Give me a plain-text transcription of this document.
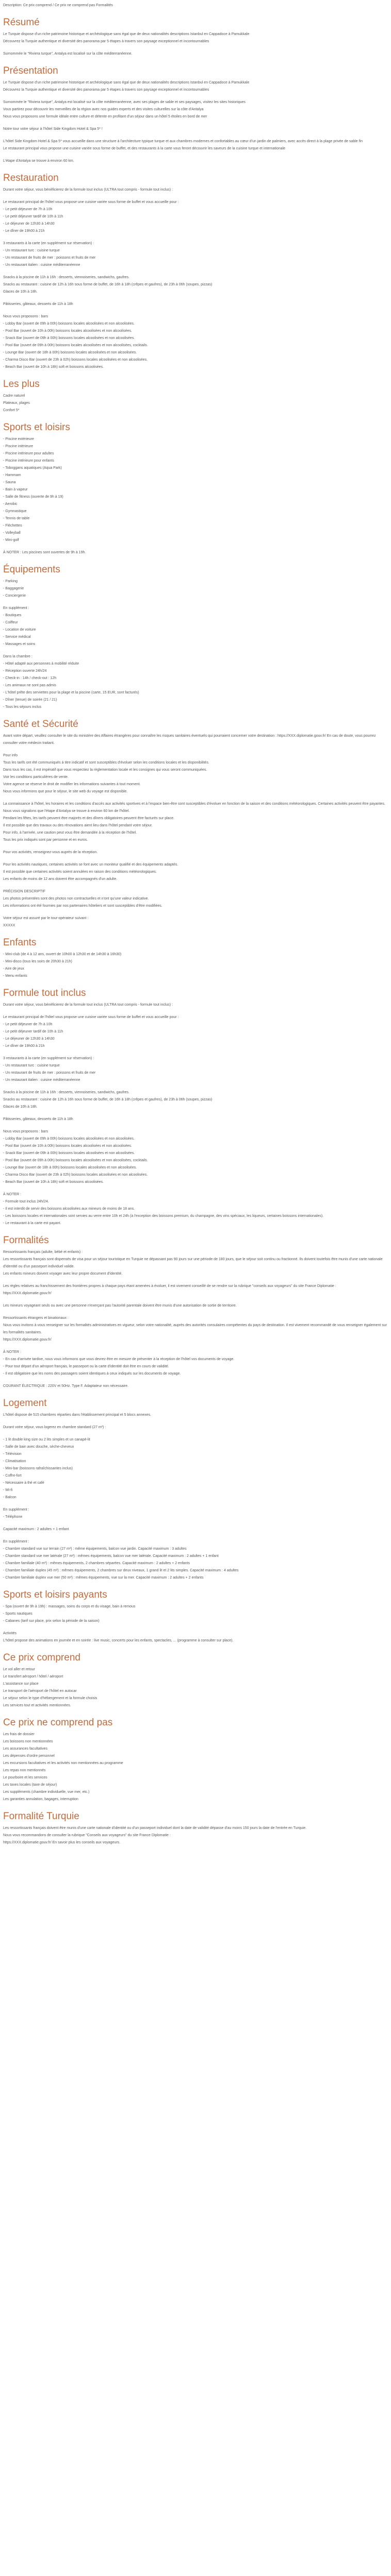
Description: Ce prix comprend / Ce prix ne comprend pas Formalités

Résumé

Le Turquie dispose d'un riche patrimoine historique et archéologique sans égal que de deux nationalités descriptions Istanbul en Cappadoce à Pamukkale

Découvrez la Turquie authentique et diversité des panorama par 5 étapes à travers son paysage exceptionnel et incontournables

Surnommée le "Riviera turque", Antalya est localisé sur la côte méditerranéenne.

Présentation

Le Turquie dispose d'un riche patrimoine historique et archéologique sans égal que de deux nationalités descriptions Istanbul en Cappadoce à Pamukkale

Découvrez la Turquie authentique et diversité des panorama par 5 étapes à travers son paysage exceptionnel et incontournables

Surnommée le "Riviera turque", Antalya est localisé sur la côte méditerranéenne, avec ses plages de sable et ses paysages, visitez les sites historiques

Vous partirez pour découvrir les merveilles de la région avec nos guides experts et des visites culturelles sur la côte d'Antalya

Nous vous proposons une formule idéale entre culture et détente en profitant d'un séjour dans un hôtel 5 étoiles en bord de mer

Notre tour votre séjour à l'hôtel Side Kingdom Hotel & Spa 5* !

L'hôtel Side Kingdom Hotel & Spa 5* vous accueille dans une structure à l'architecture typique turque et aux chambres modernes et confortables au cœur d'un jardin de palmiers, avec accès direct à la plage privée de sable fin

Le restaurant principal vous propose une cuisine variée sous forme de buffet, et des restaurants à la carte vous feront découvrir les saveurs de la cuisine turque et internationale

L'étape d'Antalya se trouve à environ 60 km.

Restauration

Durant votre séjour, vous bénéficierez de la formule tout inclus (ULTRA tout compris - formule tout inclus) :

Le restaurant principal de l'hôtel vous propose une cuisine variée sous forme de buffet et vous accueille pour :

- Le petit déjeuner de 7h à 10h

- Le petit déjeuner tardif de 10h à 11h

- Le déjeuner de 12h30 à 14h30

- Le dîner de 19h00 à 21h

3 restaurants à la carte (en supplément sur réservation) :

- Un restaurant turc : cuisine turque

- Un restaurant de fruits de mer : poissons et fruits de mer

- Un restaurant italien : cuisine méditerranéenne

Snacks à la piscine de 11h à 16h : desserts, viennoiseries, sandwichs, gaufres.

Snacks au restaurant : cuisine de 12h à 16h sous forme de buffet, de 16h à 18h (crêpes et gaufres), de 23h à 06h (soupes, pizzas)

Glaces de 10h à 18h.

Pâtisseries, gâteaux, desserts de 11h à 18h

Nous vous proposons : bars

- Lobby Bar (ouvert de 09h à 00h) boissons locales alcoolisées et non alcoolisées.

- Pool Bar (ouvert de 10h à 00h) boissons locales alcoolisées et non alcoolisées.

- Snack Bar (ouvert de 09h à 00h) boissons locales alcoolisées et non alcoolisées.

- Pool Bar (ouvert de 09h à 00h) boissons locales alcoolisées et non alcoolisées, cocktails.

- Lounge Bar (ouvert de 18h à 00h) boissons locales alcoolisées et non alcoolisées.

- Charma Disco Bar (ouvert de 23h à 02h) boissons locales alcoolisées et non alcoolisées.

- Beach Bar (ouvert de 10h à 18h) soft et boissons alcoolisées.

Les plus

Cadre naturel

Plateaux, plages

Confort 5*

Sports et loisirs

- Piscine extérieure

- Piscine intérieure

- Piscine intérieure pour adultes

- Piscine intérieure pour enfants

- Toboggans aquatiques (Aqua Park)

- Hammam

- Sauna

- Bain à vapeur

- Salle de fitness (ouverte de 9h à 19)

- Aerobic

- Gymnastique

- Tennis de table

- Fléchettes

- Volleyball

- Mini-golf

À NOTER : Les piscines sont ouvertes de 9h à 19h.

Équipements

- Parking

- Baggagerie

- Conciergerie

En supplément :

- Boutiques

- Coiffeur

- Location de voiture

- Service médical

- Massages et soins

Dans la chambre :

- Hôtel adapté aux personnes à mobilité réduite

- Réception ouverte 24h/24

- Check-in : 14h / check-out : 12h

- Les animaux ne sont pas admis

- L'hôtel prête des serviettes pour la plage et la piscine (carte, 15 EUR, sont facturés)

- Dîner (tenue) de soirée (21 / 21)

- Tous les séjours inclus

Santé et Sécurité

Avant votre départ, veuillez consulter le site du ministère des Affaires étrangères pour connaître les risques sanitaires éventuels qui pourraient concerner votre destination : https://XXX.diplomatie.gouv.fr/ En cas de doute, vous pourrez consulter votre médecin traitant.

Pour info

Tous les tarifs ont été communiqués à titre indicatif et sont susceptibles d'évoluer selon les conditions locales et les disponibilités.

Dans tous les cas, il est impératif que vous respectiez la règlementation locale et les consignes qui vous seront communiquées.

Voir les conditions particulières de vente.

Votre agence se réserve le droit de modifier les informations suivantes à tout moment.

Nous vous informons que pour le séjour, le site web du voyage est disponible.

La connaissance à l'hôtel, les horaires et les conditions d'accès aux activités sportives et à l'espace bien-être sont susceptibles d'évoluer en fonction de la saison et des conditions météorologiques. Certaines activités peuvent être payantes.

Nous vous signalons que l'étape d'Antalya se trouve à environ 60 km de l'hôtel.

Pendant les fêtes, les tarifs peuvent être majorés et des dîners obligatoires peuvent être facturés sur place.

Il est possible que des travaux ou des rénovations aient lieu dans l'hôtel pendant votre séjour.

Pour info, à l'arrivée, une caution peut vous être demandée à la réception de l'hôtel.

Tous les prix indiqués sont par personne et en euros.

Pour vos activités, renseignez-vous auprès de la réception.

Pour les activités nautiques, certaines activités se font avec un moniteur qualifié et des équipements adaptés.

Il est possible que certaines activités soient annulées en raison des conditions météorologiques.

Les enfants de moins de 12 ans doivent être accompagnés d'un adulte.

PRÉCISION DESCRIPTIF

Les photos présentées sont des photos non contractuelles et n'ont qu'une valeur indicative.

Les informations ont été fournies par nos partenaires hôteliers et sont susceptibles d'être modifiées.

Votre séjour est assuré par le tour-opérateur suivant :

XXXXX

Enfants

- Mini-club (de 4 à 12 ans, ouvert de 10h00 à 12h30 et de 14h30 à 16h30)

- Mini-disco (tous les soirs de 20h30 à 21h)

- Aire de jeux

- Menu enfants

Formule tout inclus

Durant votre séjour, vous bénéficierez de la formule tout inclus (ULTRA tout compris - formule tout inclus) :

Le restaurant principal de l'hôtel vous propose une cuisine variée sous forme de buffet et vous accueille pour :

- Le petit déjeuner de 7h à 10h

- Le petit déjeuner tardif de 10h à 11h

- Le déjeuner de 12h30 à 14h30

- Le dîner de 19h00 à 21h

3 restaurants à la carte (en supplément sur réservation) :

- Un restaurant turc : cuisine turque

- Un restaurant de fruits de mer : poissons et fruits de mer

- Un restaurant italien : cuisine méditerranéenne

Snacks à la piscine de 11h à 16h : desserts, viennoiseries, sandwichs, gaufres.

Snacks au restaurant : cuisine de 12h à 16h sous forme de buffet, de 16h à 18h (crêpes et gaufres), de 23h à 06h (soupes, pizzas)

Glaces de 10h à 18h.

Pâtisseries, gâteaux, desserts de 11h à 18h

Nous vous proposons : bars

- Lobby Bar (ouvert de 09h à 00h) boissons locales alcoolisées et non alcoolisées.

- Pool Bar (ouvert de 10h à 00h) boissons locales alcoolisées et non alcoolisées.

- Snack Bar (ouvert de 09h à 00h) boissons locales alcoolisées et non alcoolisées.

- Pool Bar (ouvert de 09h à 00h) boissons locales alcoolisées et non alcoolisées, cocktails.

- Lounge Bar (ouvert de 18h à 00h) boissons locales alcoolisées et non alcoolisées.

- Charma Disco Bar (ouvert de 23h à 02h) boissons locales alcoolisées et non alcoolisées.

- Beach Bar (ouvert de 10h à 18h) soft et boissons alcoolisées.

À NOTER :

- Formule tout inclus 24h/24.

- Il est interdit de servir des boissons alcoolisées aux mineurs de moins de 18 ans.

- Les boissons locales et internationales sont servies au verre entre 10h et 24h (à l'exception des boissons premium, du champagne, des vins spéciaux, les liqueurs, certaines boissons internationales).

- Le restaurant à la carte est payant.

Formalités

Ressortissants français (adulte, bébé et enfants) :

Les ressortissants français sont dispensés de visa pour un séjour touristique en Turquie ne dépassant pas 90 jours sur une période de 180 jours, que le séjour soit continu ou fractionné. Ils doivent toutefois être munis d'une carte nationale d'identité ou d'un passeport individuel valide.

Les enfants mineurs doivent voyager avec leur propre document d'identité.

Les règles relatives au franchissement des frontières propres à chaque pays étant amenées à évoluer, il est vivement conseillé de se rendre sur la rubrique "conseils aux voyageurs" du site France Diplomatie :

https://XXX.diplomatie.gouv.fr/

Les mineurs voyageant seuls ou avec une personne n'exerçant pas l'autorité parentale doivent être munis d'une autorisation de sortie de territoire.

Ressortissants étrangers et binationaux :

Nous vous invitons à vous renseigner sur les formalités administratives en vigueur, selon votre nationalité, auprès des autorités consulaires compétentes du pays de destination. Il est vivement recommandé de vous renseigner également sur les formalités sanitaires.

https://XXX.diplomatie.gouv.fr/

À NOTER :

- En cas d'arrivée tardive, nous vous informons que vous devrez être en mesure de présenter à la réception de l'hôtel vos documents de voyage.

- Pour tout départ d'un aéroport français, le passeport ou la carte d'identité doit être en cours de validité.

- Il est obligatoire que les noms des passagers soient identiques à ceux indiqués sur les documents de voyage.

COURANT ÉLECTRIQUE : 220V et 50Hz. Type F. Adaptateur non nécessaire.

Logement

L'hôtel dispose de 515 chambres réparties dans l'établissement principal et 5 blocs annexes.

Durant votre séjour, vous logerez en chambre standard (27 m²) :

- 1 lit double king size ou 2 lits simples et un canapé-lit

- Salle de bain avec douche, sèche-cheveux

- Télévision

- Climatisation

- Mini-bar (boissons rafraîchissantes inclus)

- Coffre-fort

- Nécessaire à thé et café

- Wi-fi

- Balcon

En supplément :

- Téléphone

Capacité maximum : 2 adultes + 1 enfant

En supplément :

- Chambre standard vue sur terrain (27 m²) : même équipements, balcon vue jardin. Capacité maximum : 3 adultes

- Chambre standard vue mer latérale (27 m²) : mêmes équipements, balcon vue mer latérale. Capacité maximum : 2 adultes + 1 enfant

- Chambre familiale (40 m²) : mêmes équipements, 2 chambres séparées. Capacité maximum : 2 adultes + 2 enfants

- Chambre familiale duplex (45 m²) : mêmes équipements, 2 chambres sur deux niveaux, 1 grand lit et 2 lits simples. Capacité maximum : 4 adultes

- Chambre familiale duplex vue mer (50 m²) : mêmes équipements, vue sur la mer. Capacité maximum : 2 adultes + 2 enfants

Sports et loisirs payants

- Spa (ouvert de 9h à 19h) : massages, soins du corps et du visage, bain à remous

- Sports nautiques

- Cabanes (tarif sur place, prix selon la période de la saison)

Activités

L'hôtel propose des animations en journée et en soirée : live music, concerts pour les enfants, spectacles, ... (programme à consulter sur place).

Ce prix comprend

Le vol aller et retour

Le transfert aéroport / hôtel / aéroport

L'assistance sur place

Le transport de l'aéroport de l'hôtel en autocar

Le séjour selon le type d'hébergement et la formule choisis

Les services tout et activités mentionnées.

Ce prix ne comprend pas

Les frais de dossier

Les boissons non mentionnées

Les assurances facultatives

Les dépenses d'ordre personnel

Les excursions facultatives et les activités non mentionnées au programme

Les repas non mentionnés

Le pourboire et les services

Les taxes locales (taxe de séjour)

Les suppléments (chambre individuelle, vue mer, etc.)

Les garanties annulation, bagages, interruption

Formalité Turquie

Les ressortissants français doivent être munis d'une carte nationale d'identité ou d'un passeport individuel dont la date de validité dépasse d'au moins 150 jours la date de l'entrée en Turquie.

Nous vous recommandons de consulter la rubrique "Conseils aux voyageurs" du site France Diplomatie :

https://XXX.diplomatie.gouv.fr/ En savoir plus les conseils aux voyageurs.
